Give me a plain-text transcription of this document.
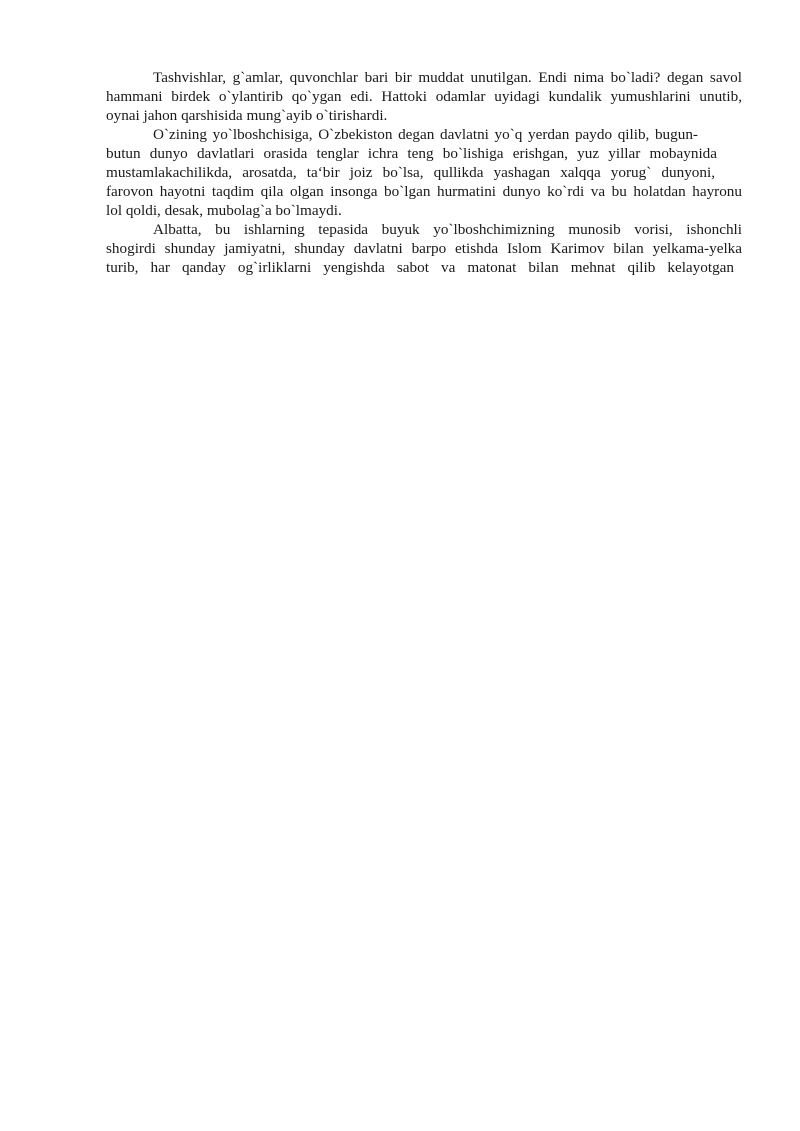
Tashvishlar, g`amlar, quvonchlar bari bir muddat unutilgan. Endi nima bo`ladi? degan savol
hammani birdek o`ylantirib qo`ygan edi. Hattoki odamlar uyidagi kundalik yumushlarini unutib,
oynai jahon qarshisida mung`ayib o`tirishardi.
O`zining yo`lboshchisiga, O`zbekiston degan davlatni yo`q yerdan paydo qilib, bugun-
butun dunyo davlatlari orasida tenglar ichra teng bo`lishiga erishgan, yuz yillar mobaynida
mustamlakachilikda, arosatda, ta‘bir joiz bo`lsa, qullikda yashagan xalqqa yorug` dunyoni,
farovon hayotni taqdim qila olgan insonga bo`lgan hurmatini dunyo ko`rdi va bu holatdan hayronu
lol qoldi, desak, mubolag`a bo`lmaydi.
Albatta, bu ishlarning tepasida buyuk yo`lboshchimizning munosib vorisi, ishonchli
shogirdi shunday jamiyatni, shunday davlatni barpo etishda Islom Karimov bilan yelkama-yelka
turib, har qanday og`irliklarni yengishda sabot va matonat bilan mehnat qilib kelayotgan
